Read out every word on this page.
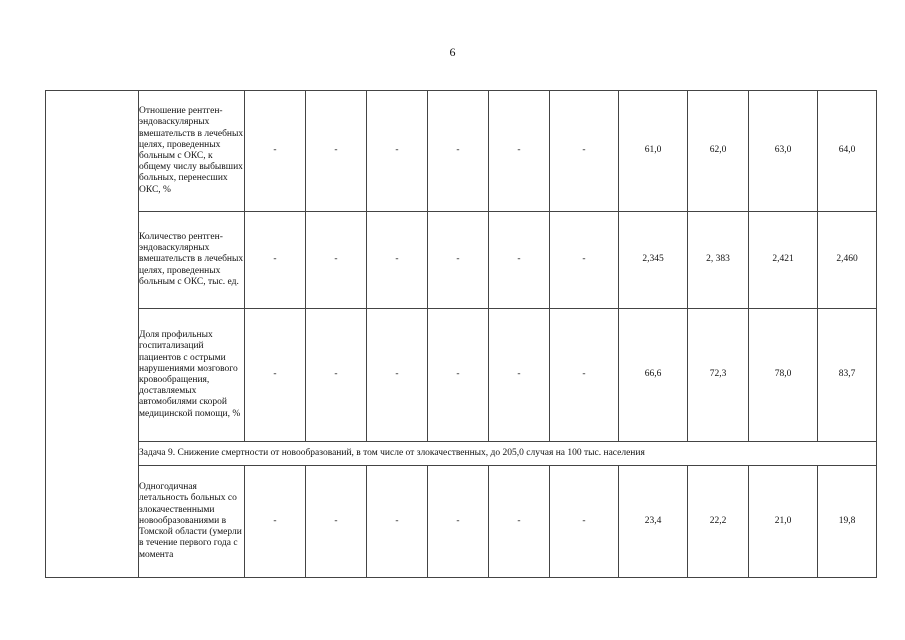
6
	Отношение рентген-эндоваскулярных вмешательств в лечебных целях, проведенных больным с ОКС, к общему числу выбывших больных, перенесших ОКС, %	-	-	-	-	-	-	61,0	62,0	63,0	64,0
	Количество рентген-эндоваскулярных вмешательств в лечебных целях, проведенных больным с ОКС, тыс. ед.	-	-	-	-	-	-	2,345	2, 383	2,421	2,460
	Доля профильных госпитализаций пациентов с острыми нарушениями мозгового кровообращения, доставляемых автомобилями скорой медицинской помощи, %	-	-	-	-	-	-	66,6	72,3	78,0	83,7
	Задача 9. Снижение смертности от новообразований, в том числе от злокачественных, до 205,0 случая на 100 тыс. населения										
	Одногодичная летальность больных со злокачественными новообразованиями в Томской области (умерли в течение первого года с момента	-	-	-	-	-	-	23,4	22,2	21,0	19,8
